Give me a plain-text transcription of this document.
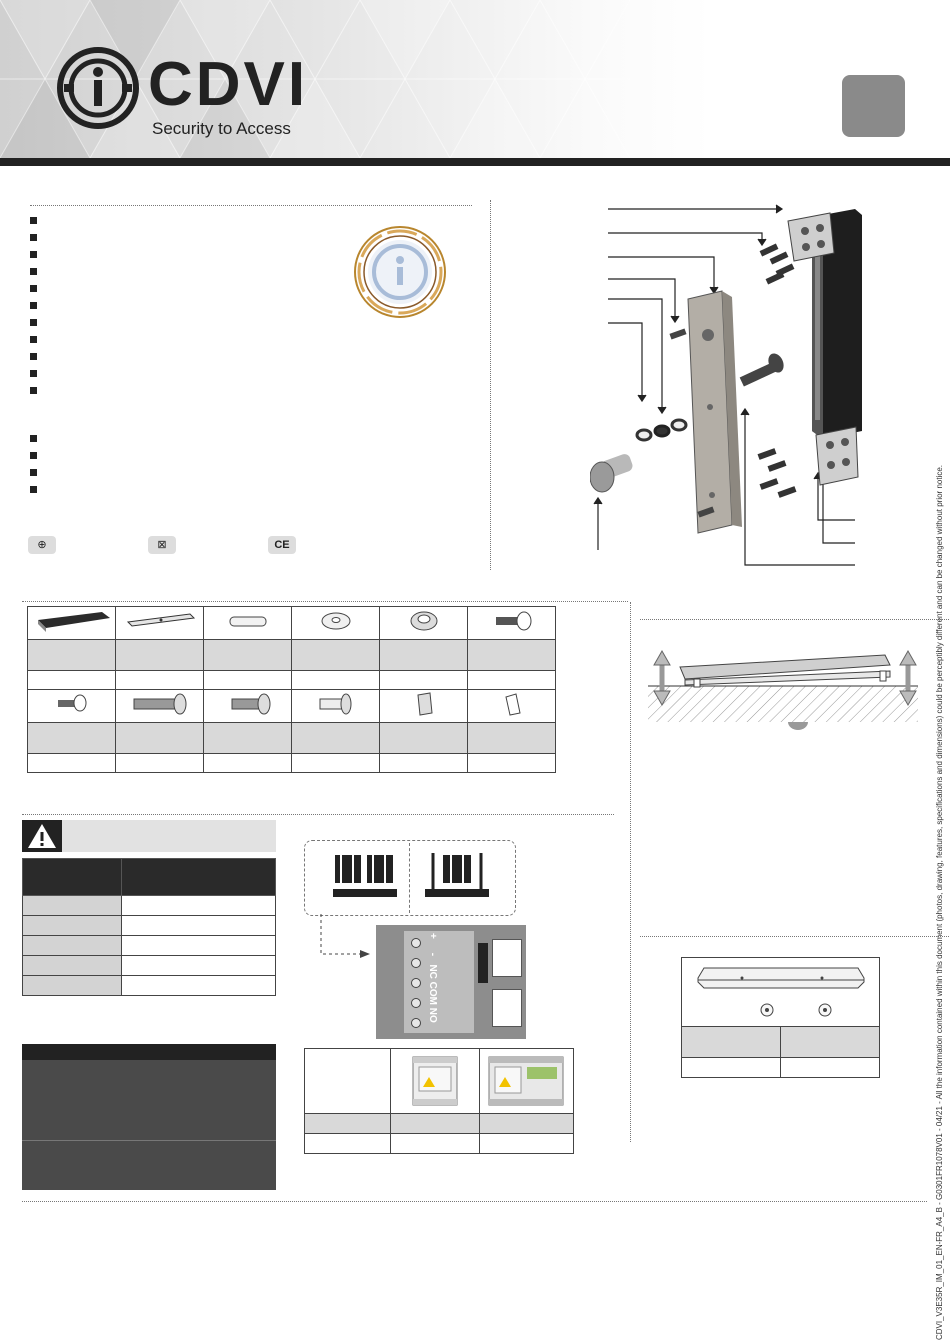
CDVI
Security to Access
⊕	⊠	CE

+     -   NC COM NO

			CDVI_V3E35R_IM_01_EN-FR_A4_B - G0301FR1078V01 - 04/21 - All the information contained within this document (photos, drawing, features, specifications and dimensions) could be perceptibly different and can be changed without prior notice.
